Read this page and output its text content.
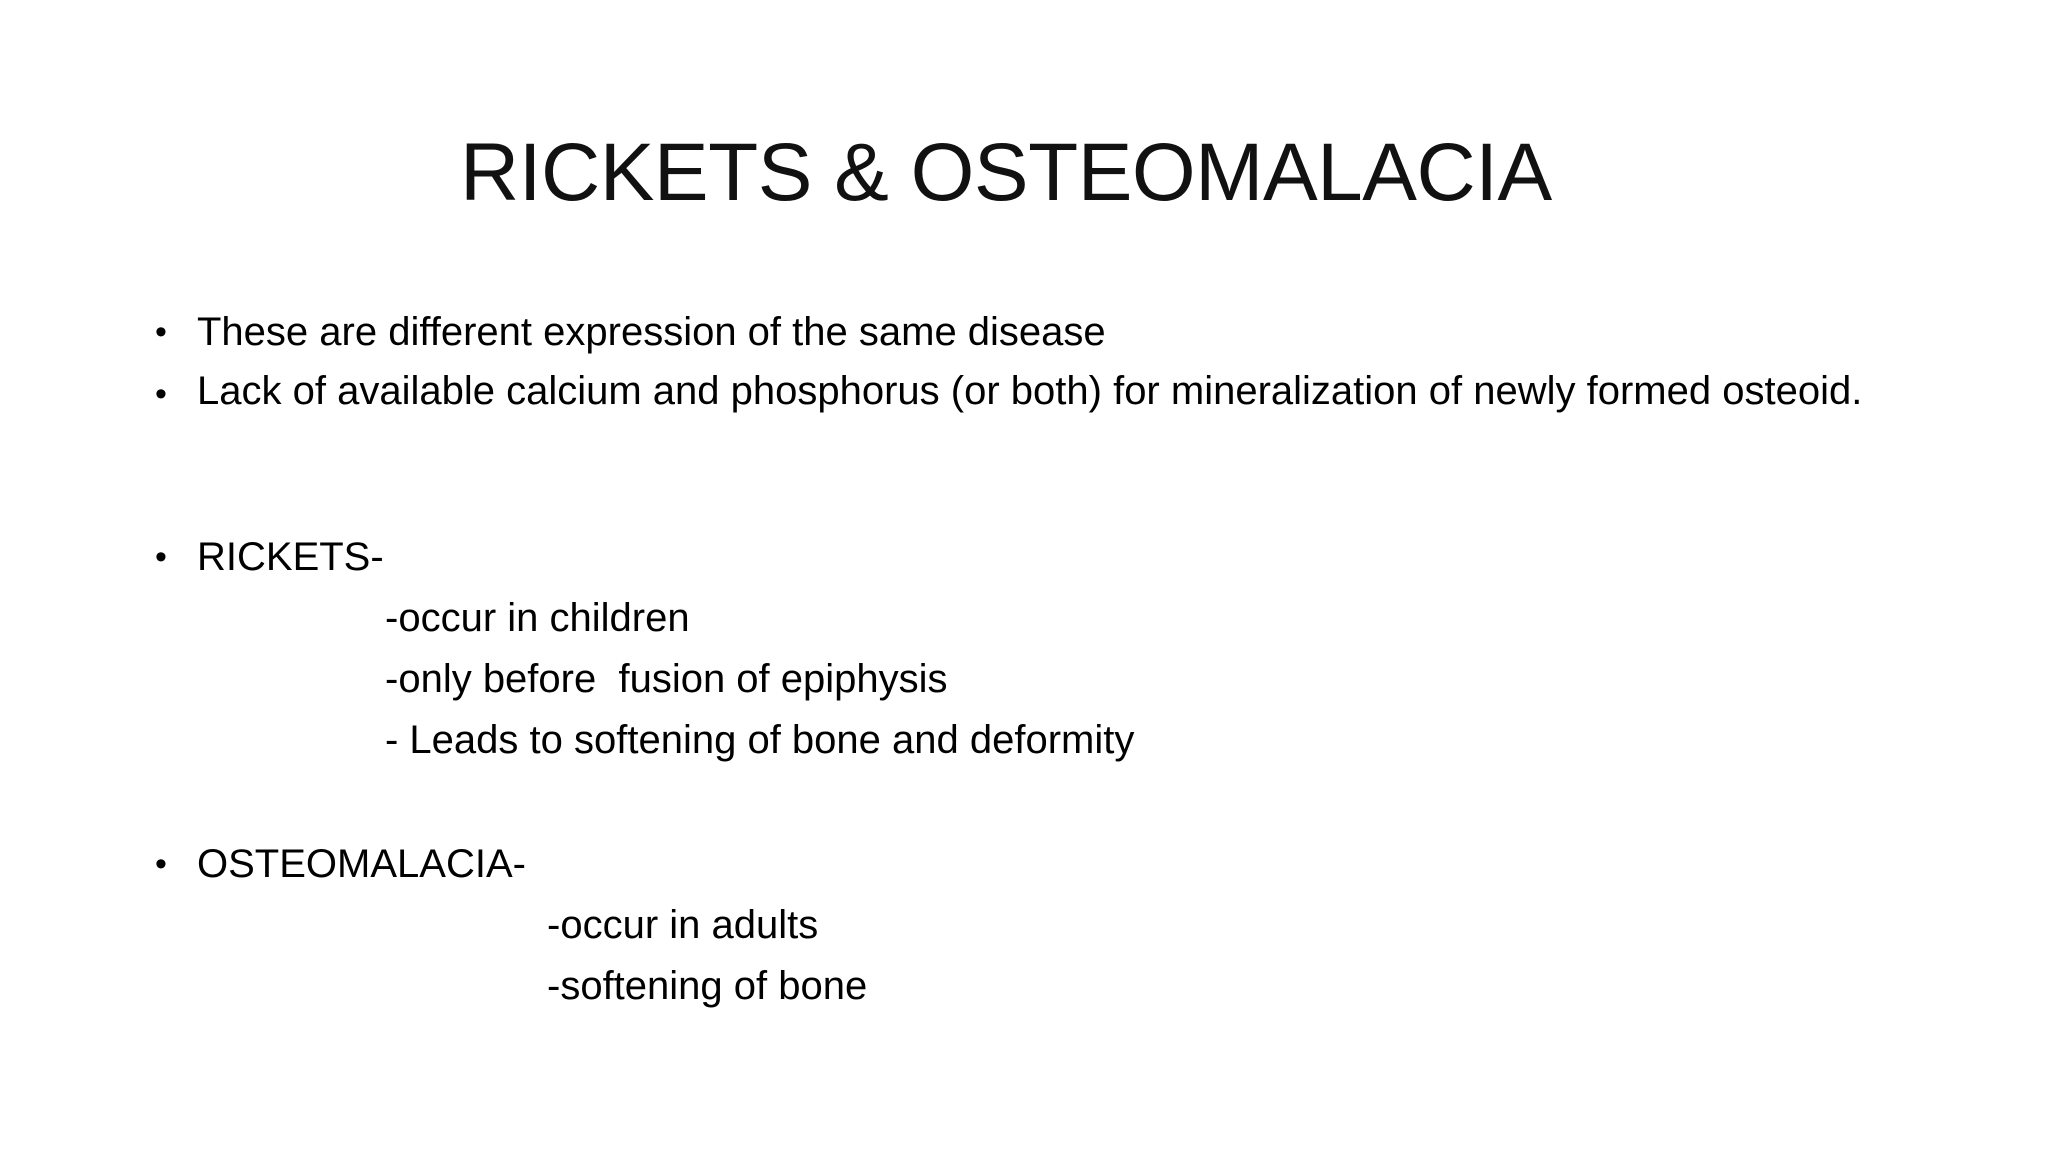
RICKETS & OSTEOMALACIA
• These are different expression of the same disease
• Lack of available calcium and phosphorus (or both) for mineralization of newly formed osteoid.
• RICKETS-
-occur in children
-only before  fusion of epiphysis
- Leads to softening of bone and deformity
• OSTEOMALACIA-
-occur in adults
-softening of bone
